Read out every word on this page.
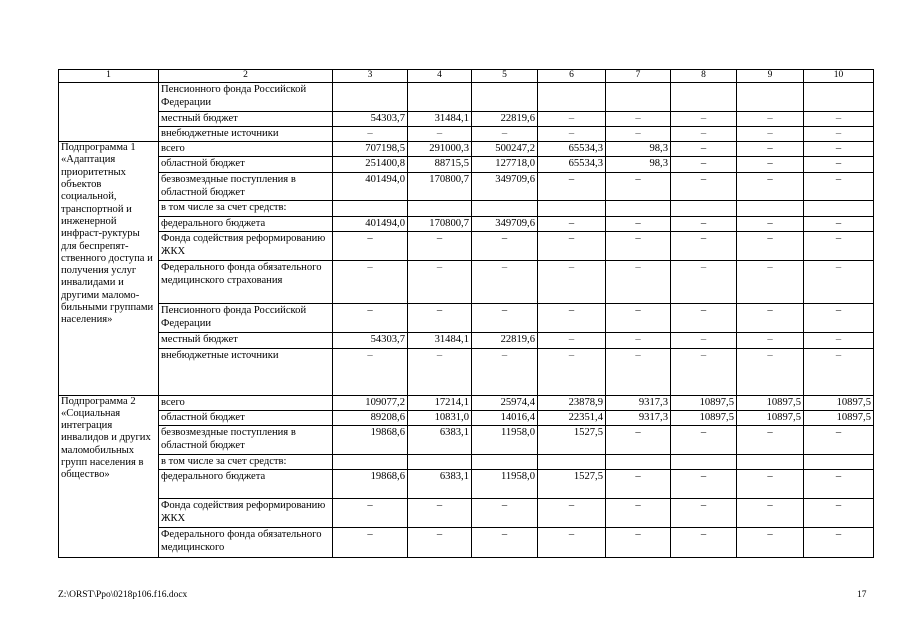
1	2	3	4	5	6	7	8	9	10
	Пенсионного фонда Российской Федерации								
	местный бюджет	54303,7	31484,1	22819,6	–	–	–	–	–
	внебюджетные источники	–	–	–	–	–	–	–	–
Подпрограмма 1 «Адаптация приоритетных объектов социальной, транспортной и инженерной инфраст-руктуры для беспрепят-ственного доступа и получения услуг инвалидами и другими маломо-бильными группами населения»	всего	707198,5	291000,3	500247,2	65534,3	98,3	–	–	–
	областной бюджет	251400,8	88715,5	127718,0	65534,3	98,3	–	–	–
	безвозмездные поступления в областной бюджет	401494,0	170800,7	349709,6	–	–	–	–	–
	в том числе за счет средств:								
	федерального бюджета	401494,0	170800,7	349709,6	–	–	–	–	–
	Фонда содействия реформированию ЖКХ	–	–	–	–	–	–	–	–
	Федерального фонда обязательного медицинского страхования	–	–	–	–	–	–	–	–
	Пенсионного фонда Российской Федерации	–	–	–	–	–	–	–	–
	местный бюджет	54303,7	31484,1	22819,6	–	–	–	–	–
	внебюджетные источники	–	–	–	–	–	–	–	–
Подпрограмма 2 «Социальная интеграция инвалидов и других маломобильных групп населения в общество»	всего	109077,2	17214,1	25974,4	23878,9	9317,3	10897,5	10897,5	10897,5
	областной бюджет	89208,6	10831,0	14016,4	22351,4	9317,3	10897,5	10897,5	10897,5
	безвозмездные поступления в областной бюджет	19868,6	6383,1	11958,0	1527,5	–	–	–	–
	в том числе за счет средств:								
	федерального бюджета	19868,6	6383,1	11958,0	1527,5	–	–	–	–
	Фонда содействия реформированию ЖКХ	–	–	–	–	–	–	–	–
	Федерального фонда обязательного медицинского	–	–	–	–	–	–	–	–
Z:\ORST\Ppo\0218p106.f16.docx	17
